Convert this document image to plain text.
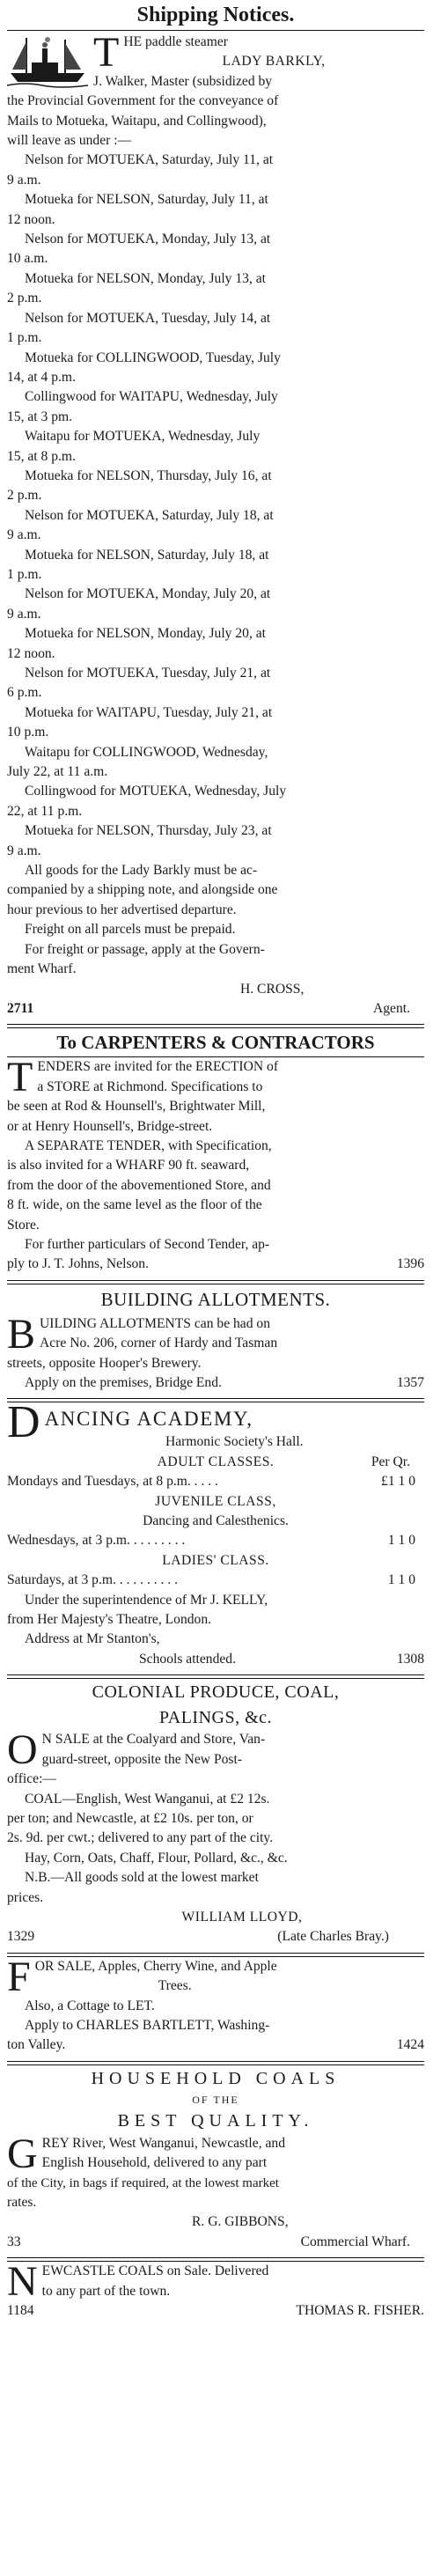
Shipping Notices.
T HE paddle steamer
LADY BARKLY,
J. Walker, Master (subsidized by
the Provincial Government for the conveyance of
Mails to Motueka, Waitapu, and Collingwood),
will leave as under :—
Nelson for MOTUEKA, Saturday, July 11, at
9 a.m.
Motueka for NELSON, Saturday, July 11, at
12 noon.
Nelson for MOTUEKA, Monday, July 13, at
10 a.m.
Motueka for NELSON, Monday, July 13, at
2 p.m.
Nelson for MOTUEKA, Tuesday, July 14, at
1 p.m.
Motueka for COLLINGWOOD, Tuesday, July
14, at 4 p.m.
Collingwood for WAITAPU, Wednesday, July
15, at 3 pm.
Waitapu for MOTUEKA, Wednesday, July
15, at 8 p.m.
Motueka for NELSON, Thursday, July 16, at
2 p.m.
Nelson for MOTUEKA, Saturday, July 18, at
9 a.m.
Motueka for NELSON, Saturday, July 18, at
1 p.m.
Nelson for MOTUEKA, Monday, July 20, at
9 a.m.
Motueka for NELSON, Monday, July 20, at
12 noon.
Nelson for MOTUEKA, Tuesday, July 21, at
6 p.m.
Motueka for WAITAPU, Tuesday, July 21, at
10 p.m.
Waitapu for COLLINGWOOD, Wednesday,
July 22, at 11 a.m.
Collingwood for MOTUEKA, Wednesday, July
22, at 11 p.m.
Motueka for NELSON, Thursday, July 23, at
9 a.m.
All goods for the Lady Barkly must be ac-
companied by a shipping note, and alongside one
hour previous to her advertised departure.
Freight on all parcels must be prepaid.
For freight or passage, apply at the Govern-
ment Wharf.
H. CROSS,
2711	Agent.
To CARPENTERS & CONTRACTORS
T ENDERS are invited for the ERECTION of
a STORE at Richmond. Specifications to
be seen at Rod & Hounsell's, Brightwater Mill,
or at Henry Hounsell's, Bridge-street.
A SEPARATE TENDER, with Specification,
is also invited for a WHARF 90 ft. seaward,
from the door of the abovementioned Store, and
8 ft. wide, on the same level as the floor of the
Store.
For further particulars of Second Tender, ap-
ply to J. T. Johns, Nelson.	1396
BUILDING ALLOTMENTS.
B UILDING ALLOTMENTS can be had on
Acre No. 206, corner of Hardy and Tasman
streets, opposite Hooper's Brewery.
Apply on the premises, Bridge End.	1357
D ANCING ACADEMY,
Harmonic Society's Hall.
ADULT CLASSES.	Per Qr.
Mondays and Tuesdays, at 8 p.m. . . . .	£1 1 0
JUVENILE CLASS,
Dancing and Calesthenics.
Wednesdays, at 3 p.m. . . . . . . . .	1 1 0
LADIES' CLASS.
Saturdays, at 3 p.m. . . . . . . . . .	1 1 0
Under the superintendence of Mr J. KELLY,
from Her Majesty's Theatre, London.
Address at Mr Stanton's,
Schools attended.	1308
COLONIAL PRODUCE, COAL,
PALINGS, &c.
O N SALE at the Coalyard and Store, Van-
guard-street, opposite the New Post-
office:—
COAL—English, West Wanganui, at £2 12s.
per ton; and Newcastle, at £2 10s. per ton, or
2s. 9d. per cwt.; delivered to any part of the city.
Hay, Corn, Oats, Chaff, Flour, Pollard, &c., &c.
N.B.—All goods sold at the lowest market
prices.
WILLIAM LLOYD,
1329	(Late Charles Bray.)
F OR SALE, Apples, Cherry Wine, and Apple
Trees.
Also, a Cottage to LET.
Apply to CHARLES BARTLETT, Washing-
ton Valley.	1424
HOUSEHOLD COALS
OF THE
BEST QUALITY.
G REY River, West Wanganui, Newcastle, and
English Household, delivered to any part
of the City, in bags if required, at the lowest market
rates.
R. G. GIBBONS,
33	Commercial Wharf.
N EWCASTLE COALS on Sale. Delivered
to any part of the town.
1184	THOMAS R. FISHER.
